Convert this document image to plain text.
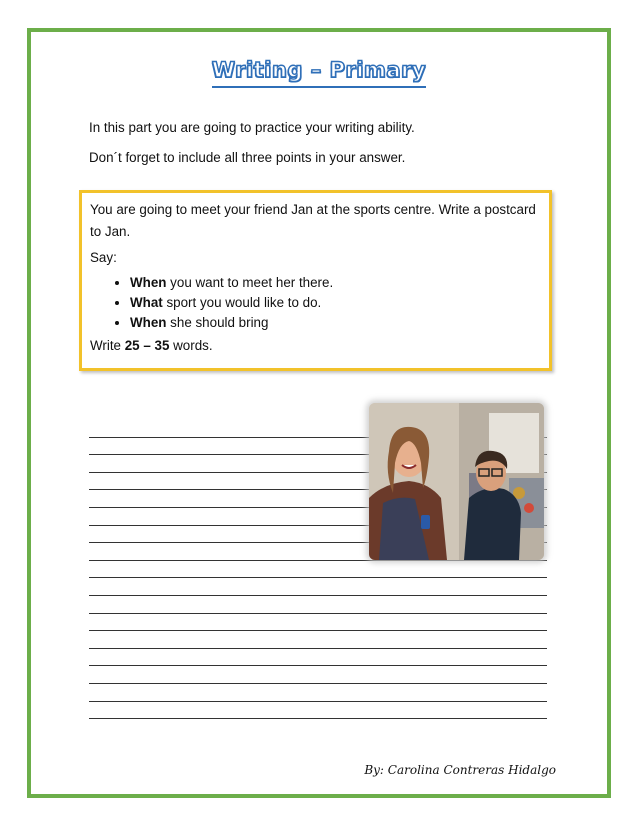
Writing – Primary
In this part you are going to practice your writing ability.
Don´t forget to include all three points in your answer.

You are going to meet your friend Jan at the sports centre. Write a postcard to Jan.

Say:

• When you want to meet her there.
• What sport you would like to do.
• When she should bring

Write 25 – 35 words.

By: Carolina Contreras Hidalgo
